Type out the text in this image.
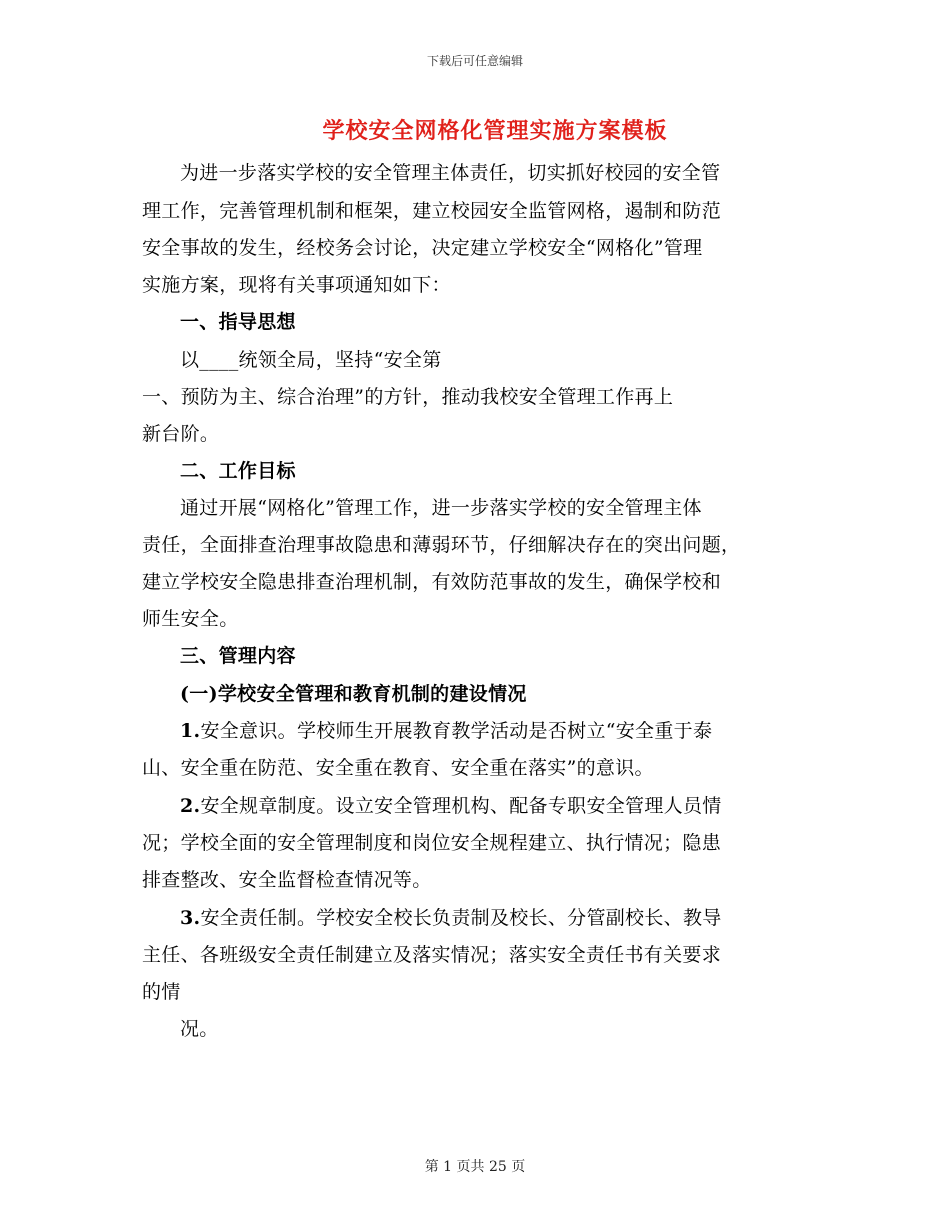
下载后可任意编辑
学校安全网格化管理实施方案模板
为进一步落实学校的安全管理主体责任，切实抓好校园的安全管
理工作，完善管理机制和框架，建立校园安全监管网格，遏制和防范
安全事故的发生，经校务会讨论，决定建立学校安全“网格化”管理
实施方案，现将有关事项通知如下：
一、指导思想
以____统领全局，坚持“安全第
一、预防为主、综合治理”的方针，推动我校安全管理工作再上
新台阶。
二、工作目标
通过开展“网格化”管理工作，进一步落实学校的安全管理主体
责任，全面排查治理事故隐患和薄弱环节，仔细解决存在的突出问题，
建立学校安全隐患排查治理机制，有效防范事故的发生，确保学校和
师生安全。
三、管理内容
(一)学校安全管理和教育机制的建设情况
1.安全意识。学校师生开展教育教学活动是否树立“安全重于泰
山、安全重在防范、安全重在教育、安全重在落实”的意识。
2.安全规章制度。设立安全管理机构、配备专职安全管理人员情
况；学校全面的安全管理制度和岗位安全规程建立、执行情况；隐患
排查整改、安全监督检查情况等。
3.安全责任制。学校安全校长负责制及校长、分管副校长、教导
主任、各班级安全责任制建立及落实情况；落实安全责任书有关要求
的情
况。
第 1 页共 25 页
